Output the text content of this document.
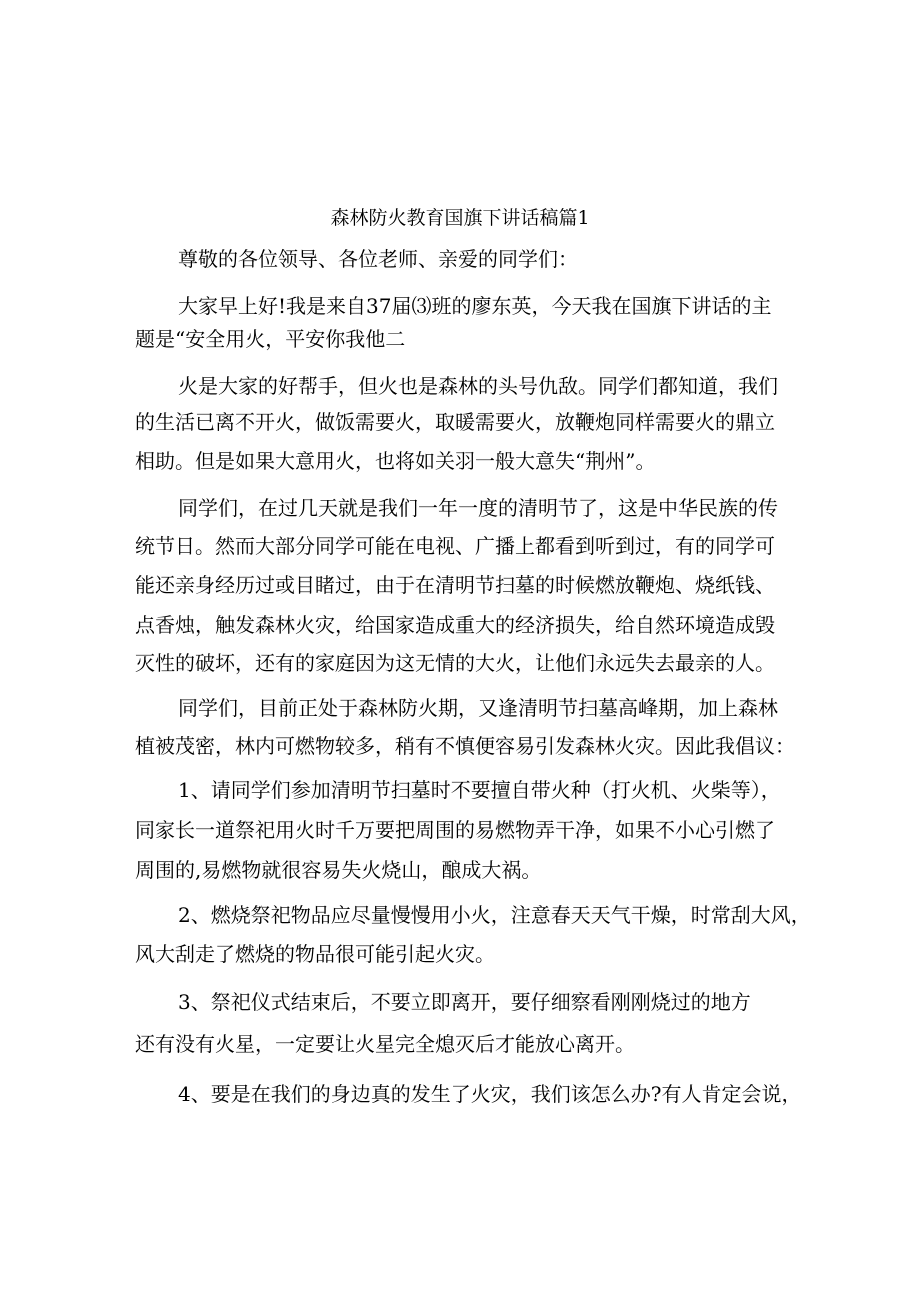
森林防火教育国旗下讲话稿篇1
尊敬的各位领导、各位老师、亲爱的同学们：
大家早上好!我是来自37届⑶班的廖东英，今天我在国旗下讲话的主
题是“安全用火，平安你我他二
火是大家的好帮手，但火也是森林的头号仇敌。同学们都知道，我们
的生活已离不开火，做饭需要火，取暖需要火，放鞭炮同样需要火的鼎立
相助。但是如果大意用火，也将如关羽一般大意失“荆州”。
同学们，在过几天就是我们一年一度的清明节了，这是中华民族的传
统节日。然而大部分同学可能在电视、广播上都看到听到过，有的同学可
能还亲身经历过或目睹过，由于在清明节扫墓的时候燃放鞭炮、烧纸钱、
点香烛，触发森林火灾，给国家造成重大的经济损失，给自然环境造成毁
灭性的破坏，还有的家庭因为这无情的大火，让他们永远失去最亲的人。
同学们，目前正处于森林防火期，又逢清明节扫墓高峰期，加上森林
植被茂密，林内可燃物较多，稍有不慎便容易引发森林火灾。因此我倡议：
1、请同学们参加清明节扫墓时不要擅自带火种（打火机、火柴等），
同家长一道祭祀用火时千万要把周围的易燃物弄干净，如果不小心引燃了
周围的,易燃物就很容易失火烧山，酿成大祸。
2、燃烧祭祀物品应尽量慢慢用小火，注意春天天气干燥，时常刮大风，
风大刮走了燃烧的物品很可能引起火灾。
3、祭祀仪式结束后，不要立即离开，要仔细察看刚刚烧过的地方
还有没有火星，一定要让火星完全熄灭后才能放心离开。
4、要是在我们的身边真的发生了火灾，我们该怎么办?有人肯定会说，
